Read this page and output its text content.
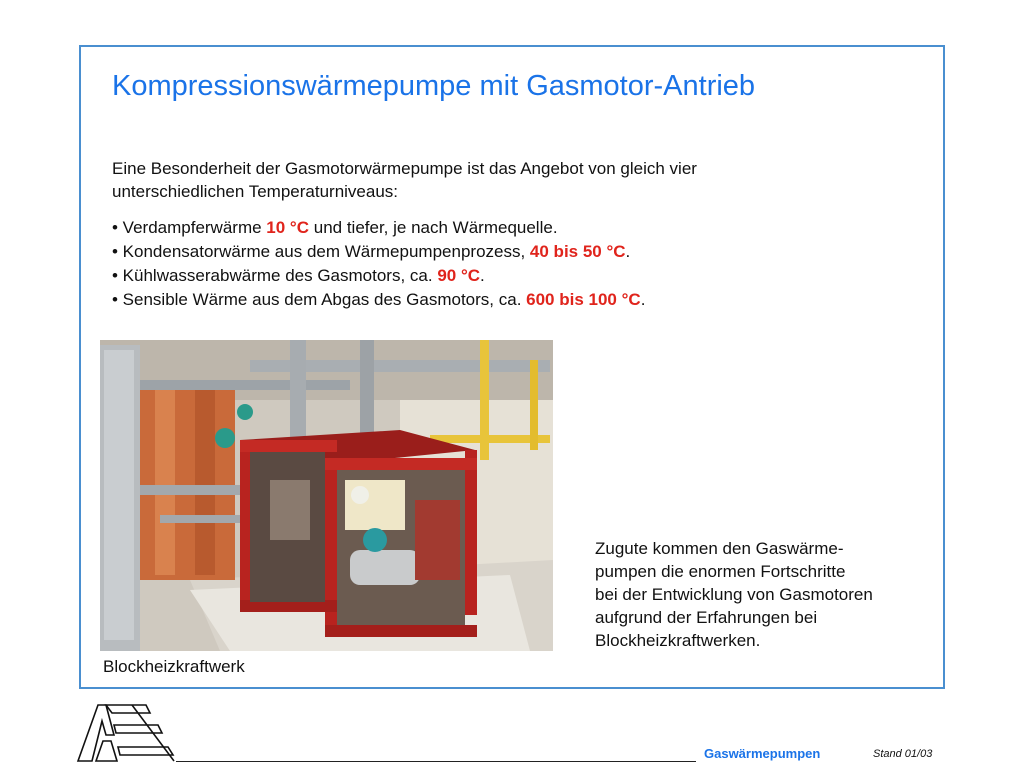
Kompressionswärmepumpe mit Gasmotor-Antrieb
Eine Besonderheit der Gasmotorwärmepumpe ist das Angebot von gleich vier
unterschiedlichen Temperaturniveaus:
• Verdampferwärme 10 °C und tiefer, je nach Wärmequelle.
• Kondensatorwärme aus dem Wärmepumpenprozess, 40 bis 50 °C.
• Kühlwasserabwärme des Gasmotors, ca. 90 °C.
• Sensible Wärme aus dem Abgas des Gasmotors, ca. 600 bis 100 °C.
Blockheizkraftwerk
Zugute kommen den Gaswärme-
pumpen die enormen Fortschritte
bei der Entwicklung von Gasmotoren
aufgrund der Erfahrungen bei
Blockheizkraftwerken.
Gaswärmepumpen	Stand 01/03
